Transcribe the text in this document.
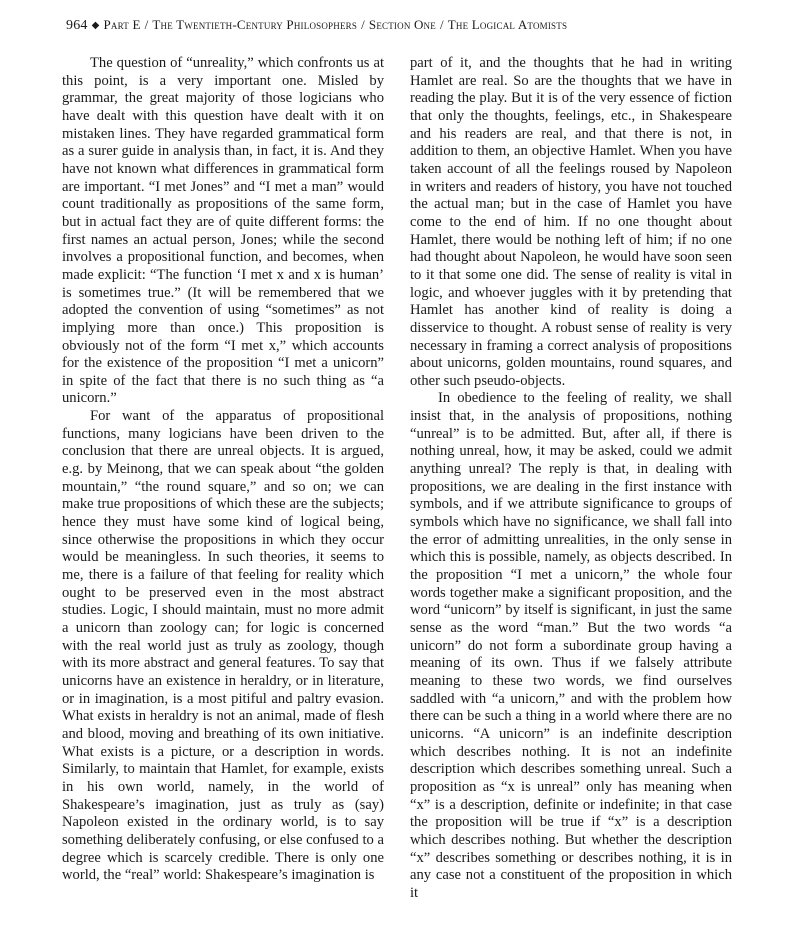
964 ◆ Part E / The Twentieth-Century Philosophers / Section One / The Logical Atomists

The question of “unreality,” which confronts us at this point, is a very important one. Misled by grammar, the great majority of those logicians who have dealt with this question have dealt with it on mistaken lines. They have regarded grammatical form as a surer guide in analysis than, in fact, it is. And they have not known what differences in grammatical form are important. “I met Jones” and “I met a man” would count traditionally as propositions of the same form, but in actual fact they are of quite different forms: the first names an actual person, Jones; while the second involves a propositional function, and becomes, when made explicit: “The function ‘I met x and x is human’ is sometimes true.” (It will be remembered that we adopted the convention of using “sometimes” as not implying more than once.) This proposition is obviously not of the form “I met x,” which accounts for the existence of the proposition “I met a unicorn” in spite of the fact that there is no such thing as “a unicorn.”

For want of the apparatus of propositional functions, many logicians have been driven to the conclusion that there are unreal objects. It is argued, e.g. by Meinong, that we can speak about “the golden mountain,” “the round square,” and so on; we can make true propositions of which these are the subjects; hence they must have some kind of logical being, since otherwise the propositions in which they occur would be meaningless. In such theories, it seems to me, there is a failure of that feeling for reality which ought to be preserved even in the most abstract studies. Logic, I should maintain, must no more admit a unicorn than zoology can; for logic is concerned with the real world just as truly as zoology, though with its more abstract and general features. To say that unicorns have an existence in heraldry, or in literature, or in imagination, is a most pitiful and paltry evasion. What exists in heraldry is not an animal, made of flesh and blood, moving and breathing of its own initiative. What exists is a picture, or a description in words. Similarly, to maintain that Hamlet, for example, exists in his own world, namely, in the world of Shakespeare’s imagination, just as truly as (say) Napoleon existed in the ordinary world, is to say something deliberately confusing, or else confused to a degree which is scarcely credible. There is only one world, the “real” world: Shakespeare’s imagination is

part of it, and the thoughts that he had in writing Hamlet are real. So are the thoughts that we have in reading the play. But it is of the very essence of fiction that only the thoughts, feelings, etc., in Shakespeare and his readers are real, and that there is not, in addition to them, an objective Hamlet. When you have taken account of all the feelings roused by Napoleon in writers and readers of history, you have not touched the actual man; but in the case of Hamlet you have come to the end of him. If no one thought about Hamlet, there would be nothing left of him; if no one had thought about Napoleon, he would have soon seen to it that some one did. The sense of reality is vital in logic, and whoever juggles with it by pretending that Hamlet has another kind of reality is doing a disservice to thought. A robust sense of reality is very necessary in framing a correct analysis of propositions about unicorns, golden mountains, round squares, and other such pseudo-objects.

In obedience to the feeling of reality, we shall insist that, in the analysis of propositions, nothing “unreal” is to be admitted. But, after all, if there is nothing unreal, how, it may be asked, could we admit anything unreal? The reply is that, in dealing with propositions, we are dealing in the first instance with symbols, and if we attribute significance to groups of symbols which have no significance, we shall fall into the error of admitting unrealities, in the only sense in which this is possible, namely, as objects described. In the proposition “I met a unicorn,” the whole four words together make a significant proposition, and the word “unicorn” by itself is significant, in just the same sense as the word “man.” But the two words “a unicorn” do not form a subordinate group having a meaning of its own. Thus if we falsely attribute meaning to these two words, we find ourselves saddled with “a unicorn,” and with the problem how there can be such a thing in a world where there are no unicorns. “A unicorn” is an indefinite description which describes nothing. It is not an indefinite description which describes something unreal. Such a proposition as “x is unreal” only has meaning when “x” is a description, definite or indefinite; in that case the proposition will be true if “x” is a description which describes nothing. But whether the description “x” describes something or describes nothing, it is in any case not a constituent of the proposition in which it
